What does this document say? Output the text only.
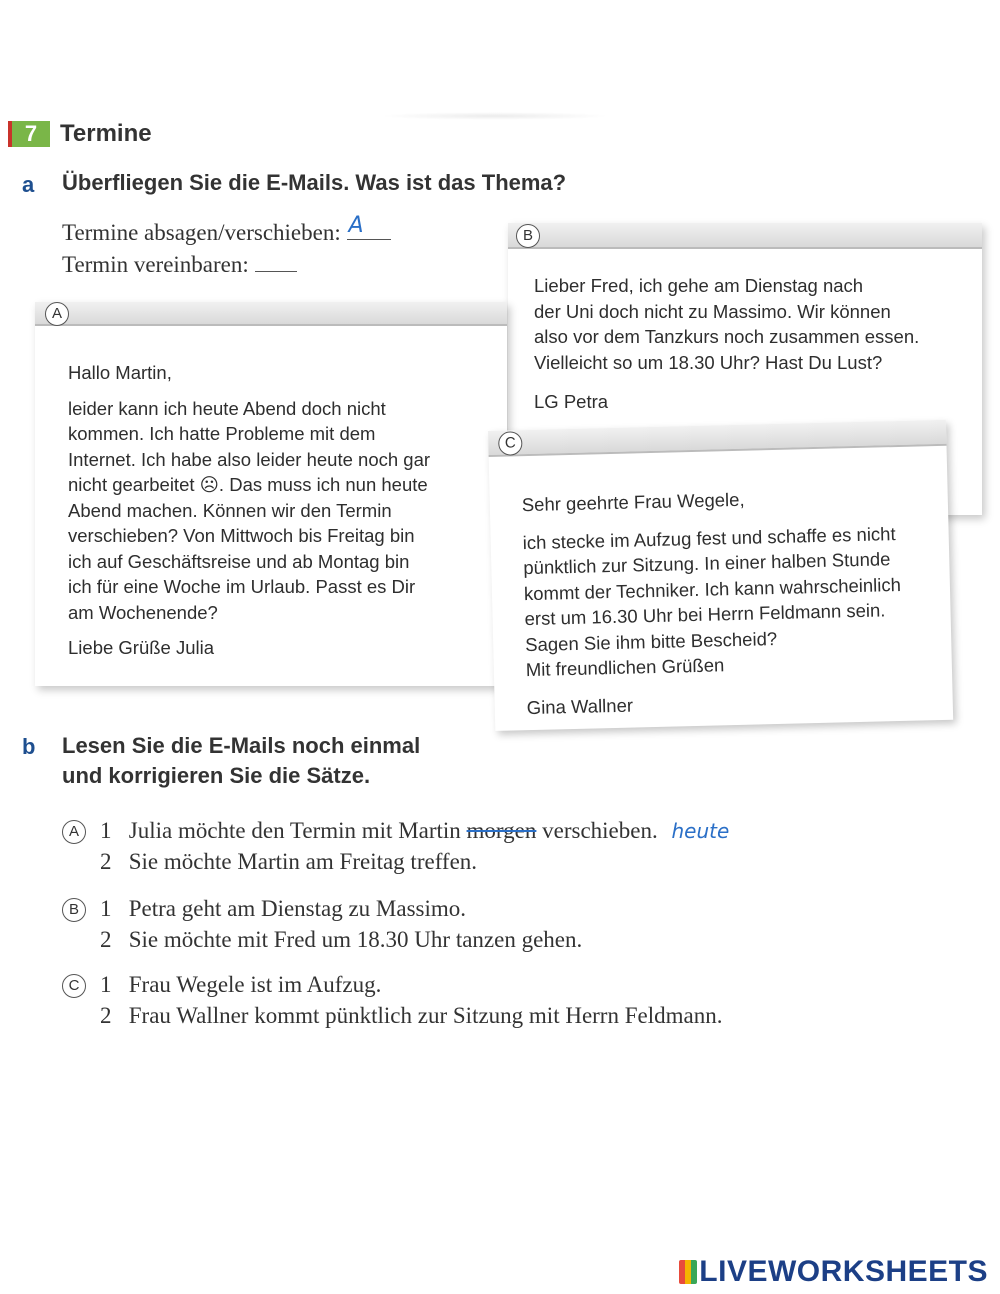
7 Termine
a Überfliegen Sie die E-Mails. Was ist das Thema?
Termine absagen/verschieben: A
Termin vereinbaren:
B
Lieber Fred, ich gehe am Dienstag nach
der Uni doch nicht zu Massimo. Wir können
also vor dem Tanzkurs noch zusammen essen.
Vielleicht so um 18.30 Uhr? Hast Du Lust?
LG Petra
A
Hallo Martin,
leider kann ich heute Abend doch nicht
kommen. Ich hatte Probleme mit dem
Internet. Ich habe also leider heute noch gar
nicht gearbeitet ☹. Das muss ich nun heute
Abend machen. Können wir den Termin
verschieben? Von Mittwoch bis Freitag bin
ich auf Geschäftsreise und ab Montag bin
ich für eine Woche im Urlaub. Passt es Dir
am Wochenende?
Liebe Grüße Julia
C
Sehr geehrte Frau Wegele,
ich stecke im Aufzug fest und schaffe es nicht
pünktlich zur Sitzung. In einer halben Stunde
kommt der Techniker. Ich kann wahrscheinlich
erst um 16.30 Uhr bei Herrn Feldmann sein.
Sagen Sie ihm bitte Bescheid?
Mit freundlichen Grüßen
Gina Wallner
b Lesen Sie die E-Mails noch einmal
und korrigieren Sie die Sätze.
A 1 Julia möchte den Termin mit Martin morgen verschieben. heute
2 Sie möchte Martin am Freitag treffen.
B 1 Petra geht am Dienstag zu Massimo.
2 Sie möchte mit Fred um 18.30 Uhr tanzen gehen.
C 1 Frau Wegele ist im Aufzug.
2 Frau Wallner kommt pünktlich zur Sitzung mit Herrn Feldmann.
LIVEWORKSHEETS
